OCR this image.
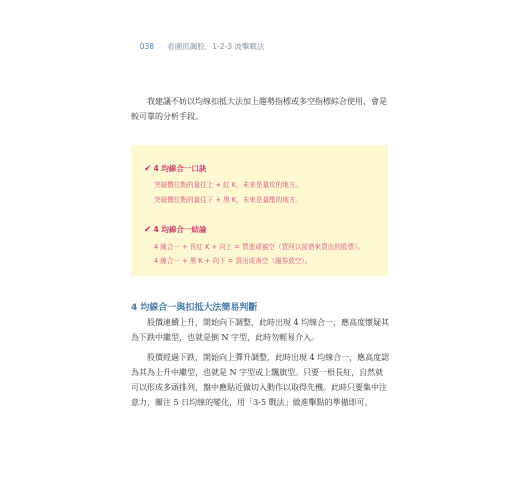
· 038 · 看圖抓飆股．1-2-3 波擊戰法
我建議不妨以均線扣抵大法加上趨勢指標或多空指標綜合使用，會是較可靠的分析手段。
✔ 4 均線合一口訣
突破價位點的量往上 + 紅 K，未來是量攻的地方。
突破價位點的量往下 + 黑 K，未來是量壓的地方。
✔ 4 均線合一結論
4 線合一 + 長紅 K + 向上 = 買進或補空（買回以前借來賣出的股票）。
4 線合一 + 黑 K + 向下 = 賣出或善空（融券放空）。
4 均線合一與扣抵大法簡易判斷
股價連續上升，開始向下調整，此時出現 4 均線合一，應高度懷疑其為下跌中繼型，也就是倒 N 字型，此時勿輕易介入。
股價經過下跌，開始向上彈升調整，此時出現 4 均線合一，應高度認為其為上升中繼型，也就是 N 字型或上飄旗型。只要一根長紅，自然就可以形成多頭排列，盤中應貼近做切入動作以取得先機。此時只要集中注意力，關注 5 日均線的變化，用「3-5 戰法」做進擊點的準備即可。
